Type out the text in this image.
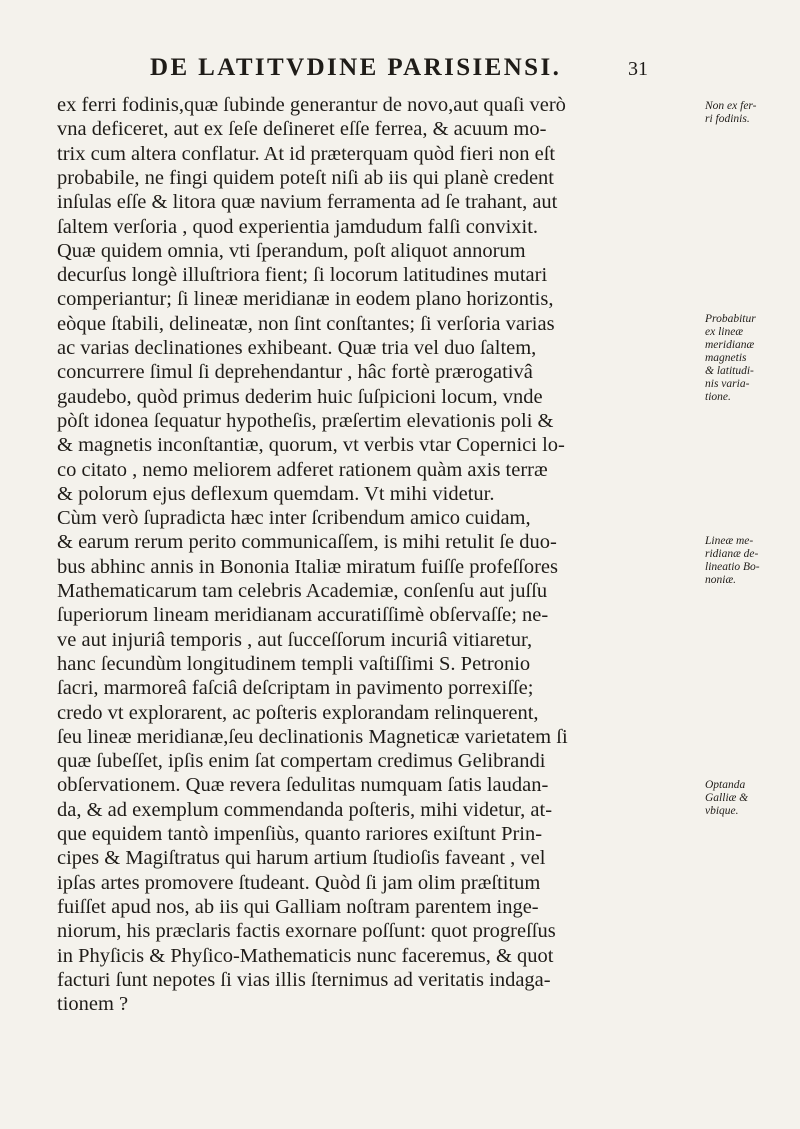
DE LATITVDINE PARISIENSI.	31
ex ferri fodinis,quæ ſubinde generantur de novo,aut quaſi verò
vna deficeret, aut ex ſeſe deſineret eſſe ferrea, & acuum mo-
trix cum altera conflatur. At id præterquam quòd fieri non eſt
probabile, ne fingi quidem poteſt niſi ab iis qui planè credent
inſulas eſſe & litora quæ navium ferramenta ad ſe trahant, aut
ſaltem verſoria , quod experientia jamdudum falſi convixit.
Quæ quidem omnia, vti ſperandum, poſt aliquot annorum
decurſus longè illuſtriora fient; ſi locorum latitudines mutari
comperiantur; ſi lineæ meridianæ in eodem plano horizontis,
eòque ſtabili, delineatæ, non ſint conſtantes; ſi verſoria varias
ac varias declinationes exhibeant. Quæ tria vel duo ſaltem,
concurrere ſimul ſi deprehendantur , hâc fortè prærogativâ
gaudebo, quòd primus dederim huic ſuſpicioni locum, vnde
pòſt idonea ſequatur hypotheſis, præſertim elevationis poli &
& magnetis inconſtantiæ, quorum, vt verbis vtar Copernici lo-
co citato , nemo meliorem adferet rationem quàm axis terræ
& polorum ejus deflexum quemdam. Vt mihi videtur.
Cùm verò ſupradicta hæc inter ſcribendum amico cuidam,
& earum rerum perito communicaſſem, is mihi retulit ſe duo-
bus abhinc annis in Bononia Italiæ miratum fuiſſe profeſſores
Mathematicarum tam celebris Academiæ, conſenſu aut juſſu
ſuperiorum lineam meridianam accuratiſſimè obſervaſſe; ne-
ve aut injuriâ temporis , aut ſucceſſorum incuriâ vitiaretur,
hanc ſecundùm longitudinem templi vaſtiſſimi S. Petronio
ſacri, marmoreâ faſciâ deſcriptam in pavimento porrexiſſe;
credo vt explorarent, ac poſteris explorandam relinquerent,
ſeu lineæ meridianæ,ſeu declinationis Magneticæ varietatem ſi
quæ ſubeſſet, ipſis enim ſat compertam credimus Gelibrandi
obſervationem. Quæ revera ſedulitas numquam ſatis laudan-
da, & ad exemplum commendanda poſteris, mihi videtur, at-
que equidem tantò impenſiùs, quanto rariores exiſtunt Prin-
cipes & Magiſtratus qui harum artium ſtudioſis faveant , vel
ipſas artes promovere ſtudeant. Quòd ſi jam olim præſtitum
fuiſſet apud nos, ab iis qui Galliam noſtram parentem inge-
niorum, his præclaris factis exornare poſſunt: quot progreſſus
in Phyſicis & Phyſico-Mathematicis nunc faceremus, & quot
facturi ſunt nepotes ſi vias illis ſternimus ad veritatis indaga-
tionem ?
Non ex fer-
ri fodinis.
Probabitur
ex lineæ
meridianæ
magnetis
& latitudi-
nis varia-
tione.
Lineæ me-
ridianæ de-
lineatio Bo-
noniæ.
Optanda
Galliæ &
vbique.
